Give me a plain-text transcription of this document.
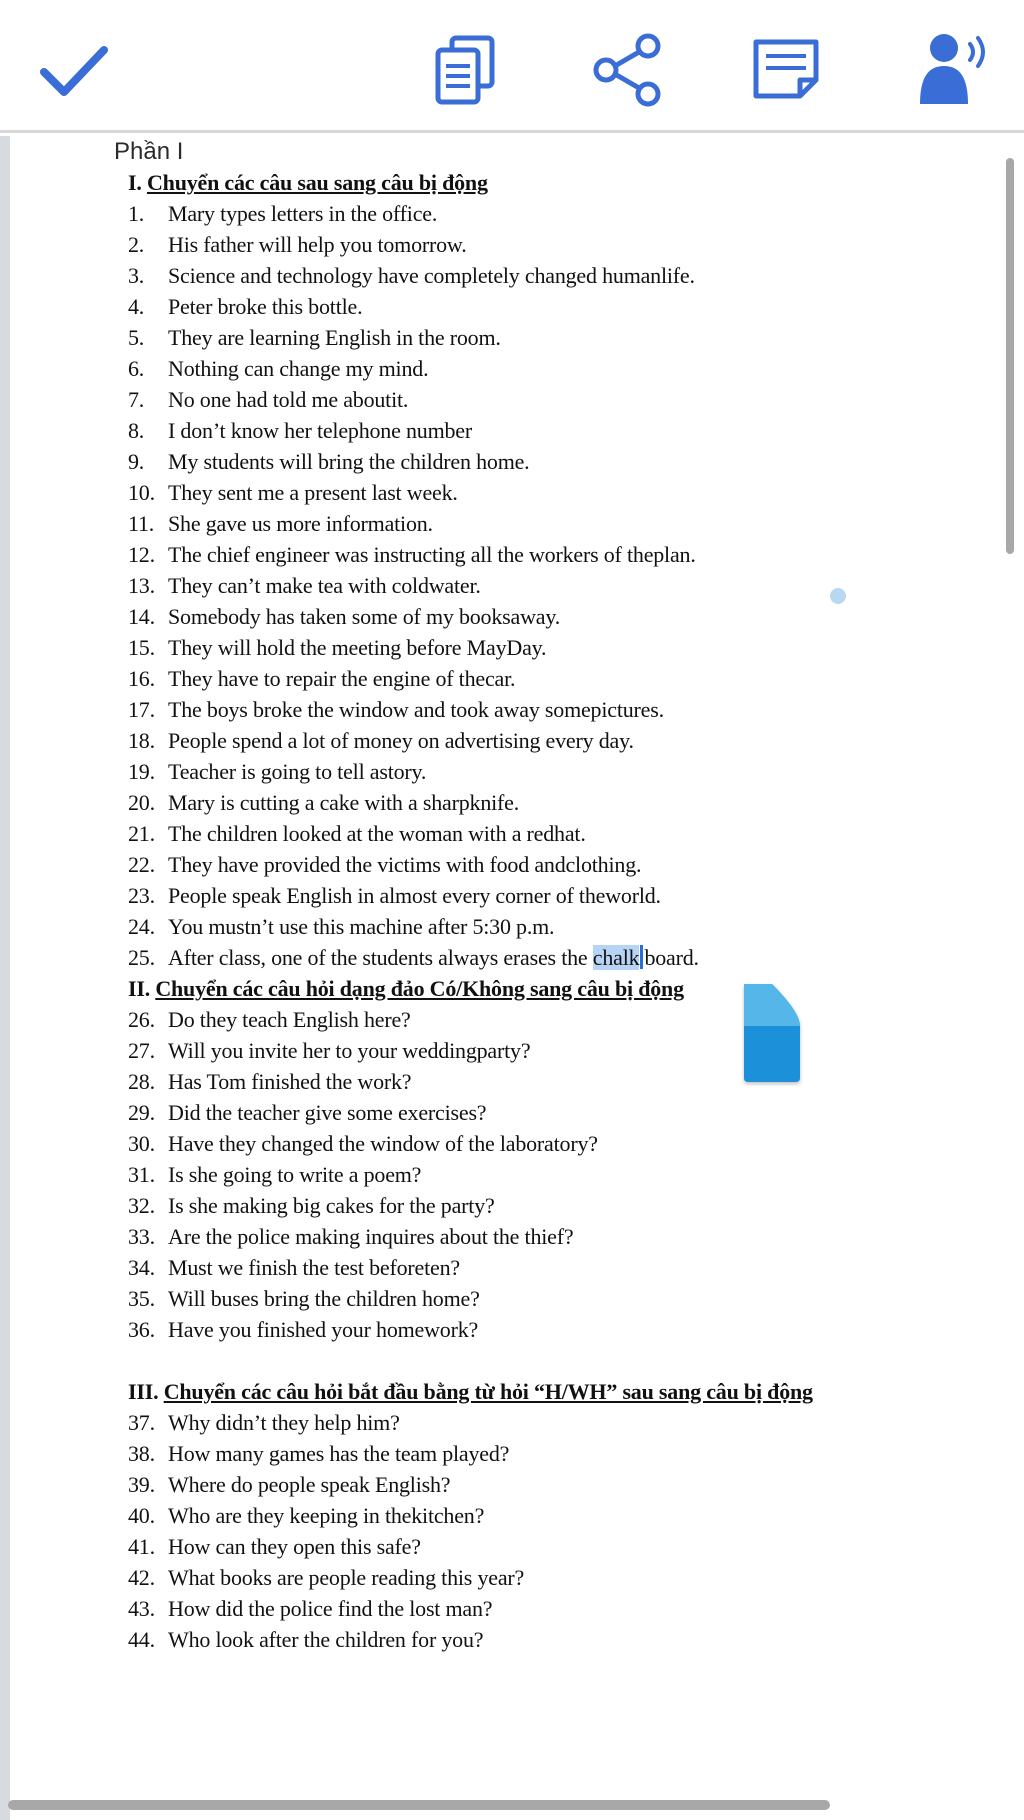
Phần I
I. Chuyển các câu sau sang câu bị động
1. Mary types letters in the office.
2. His father will help you tomorrow.
3. Science and technology have completely changed humanlife.
4. Peter broke this bottle.
5. They are learning English in the room.
6. Nothing can change my mind.
7. No one had told me aboutit.
8. I don’t know her telephone number
9. My students will bring the children home.
10. They sent me a present last week.
11. She gave us more information.
12. The chief engineer was instructing all the workers of theplan.
13. They can’t make tea with coldwater.
14. Somebody has taken some of my booksaway.
15. They will hold the meeting before MayDay.
16. They have to repair the engine of thecar.
17. The boys broke the window and took away somepictures.
18. People spend a lot of money on advertising every day.
19. Teacher is going to tell astory.
20. Mary is cutting a cake with a sharpknife.
21. The children looked at the woman with a redhat.
22. They have provided the victims with food andclothing.
23. People speak English in almost every corner of theworld.
24. You mustn’t use this machine after 5:30 p.m.
25. After class, one of the students always erases the chalk board.
II. Chuyển các câu hỏi dạng đảo Có/Không sang câu bị động
26. Do they teach English here?
27. Will you invite her to your weddingparty?
28. Has Tom finished the work?
29. Did the teacher give some exercises?
30. Have they changed the window of the laboratory?
31. Is she going to write a poem?
32. Is she making big cakes for the party?
33. Are the police making inquires about the thief?
34. Must we finish the test beforeten?
35. Will buses bring the children home?
36. Have you finished your homework?
III. Chuyển các câu hỏi bắt đầu bằng từ hỏi “H/WH” sau sang câu bị động
37. Why didn’t they help him?
38. How many games has the team played?
39. Where do people speak English?
40. Who are they keeping in thekitchen?
41. How can they open this safe?
42. What books are people reading this year?
43. How did the police find the lost man?
44. Who look after the children for you?
